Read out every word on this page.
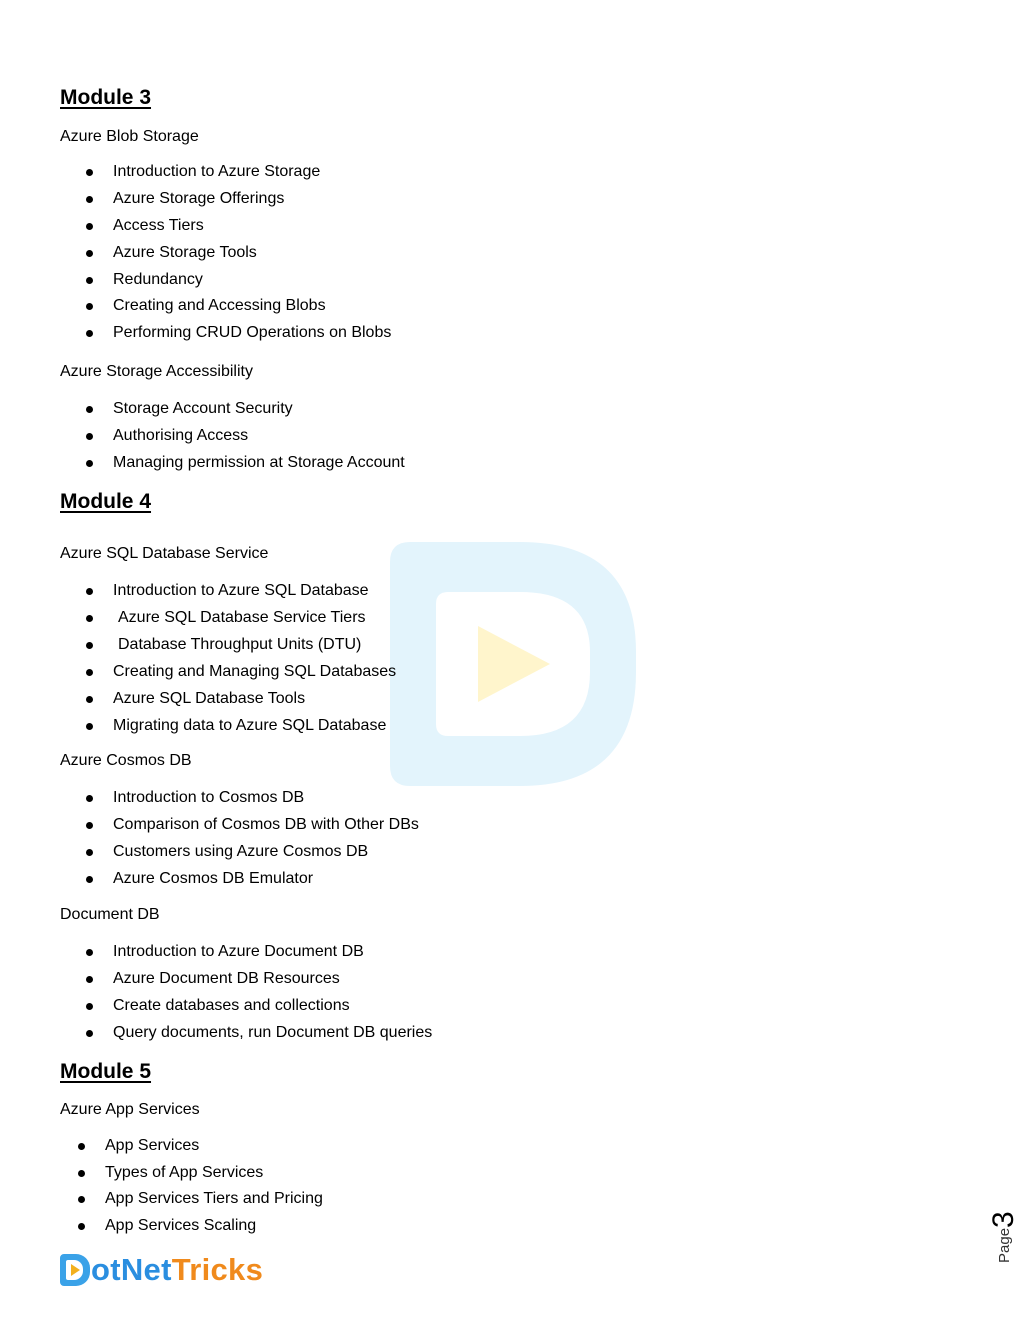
Module 3
Azure Blob Storage
Introduction to Azure Storage
Azure Storage Offerings
Access Tiers
Azure Storage Tools
Redundancy
Creating and Accessing Blobs
Performing CRUD Operations on Blobs
Azure Storage Accessibility
Storage Account Security
Authorising Access
Managing permission at Storage Account
Module 4
Azure SQL Database Service
Introduction to Azure SQL Database
Azure SQL Database Service Tiers
Database Throughput Units (DTU)
Creating and Managing SQL Databases
Azure SQL Database Tools
Migrating data to Azure SQL Database
Azure Cosmos DB
Introduction to Cosmos DB
Comparison of Cosmos DB with Other DBs
Customers using Azure Cosmos DB
Azure Cosmos DB Emulator
Document DB
Introduction to Azure Document DB
Azure Document DB Resources
Create databases and collections
Query documents, run Document DB queries
Module 5
Azure App Services
App Services
Types of App Services
App Services Tiers and Pricing
App Services Scaling
Page3
otNetTricks
